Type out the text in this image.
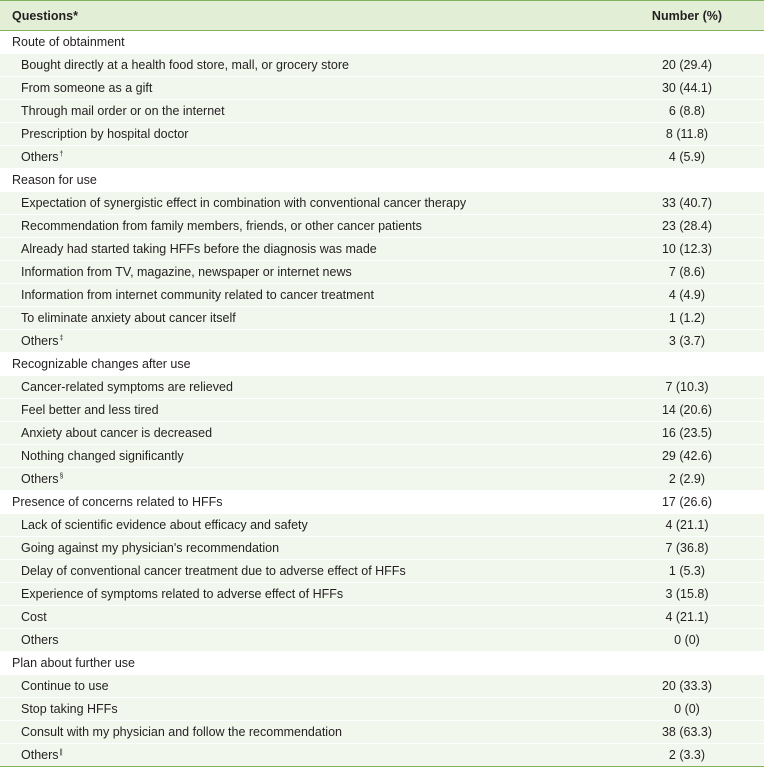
Questions*	Number (%)
Route of obtainment	
Bought directly at a health food store, mall, or grocery store	20 (29.4)
From someone as a gift	30 (44.1)
Through mail order or on the internet	6 (8.8)
Prescription by hospital doctor	8 (11.8)
Others†	4 (5.9)
Reason for use	
Expectation of synergistic effect in combination with conventional cancer therapy	33 (40.7)
Recommendation from family members, friends, or other cancer patients	23 (28.4)
Already had started taking HFFs before the diagnosis was made	10 (12.3)
Information from TV, magazine, newspaper or internet news	7 (8.6)
Information from internet community related to cancer treatment	4 (4.9)
To eliminate anxiety about cancer itself	1 (1.2)
Others‡	3 (3.7)
Recognizable changes after use	
Cancer-related symptoms are relieved	7 (10.3)
Feel better and less tired	14 (20.6)
Anxiety about cancer is decreased	16 (23.5)
Nothing changed significantly	29 (42.6)
Others§	2 (2.9)
Presence of concerns related to HFFs	17 (26.6)
Lack of scientific evidence about efficacy and safety	4 (21.1)
Going against my physician's recommendation	7 (36.8)
Delay of conventional cancer treatment due to adverse effect of HFFs	1 (5.3)
Experience of symptoms related to adverse effect of HFFs	3 (15.8)
Cost	4 (21.1)
Others	0 (0)
Plan about further use	
Continue to use	20 (33.3)
Stop taking HFFs	0 (0)
Consult with my physician and follow the recommendation	38 (63.3)
Others∥	2 (3.3)
